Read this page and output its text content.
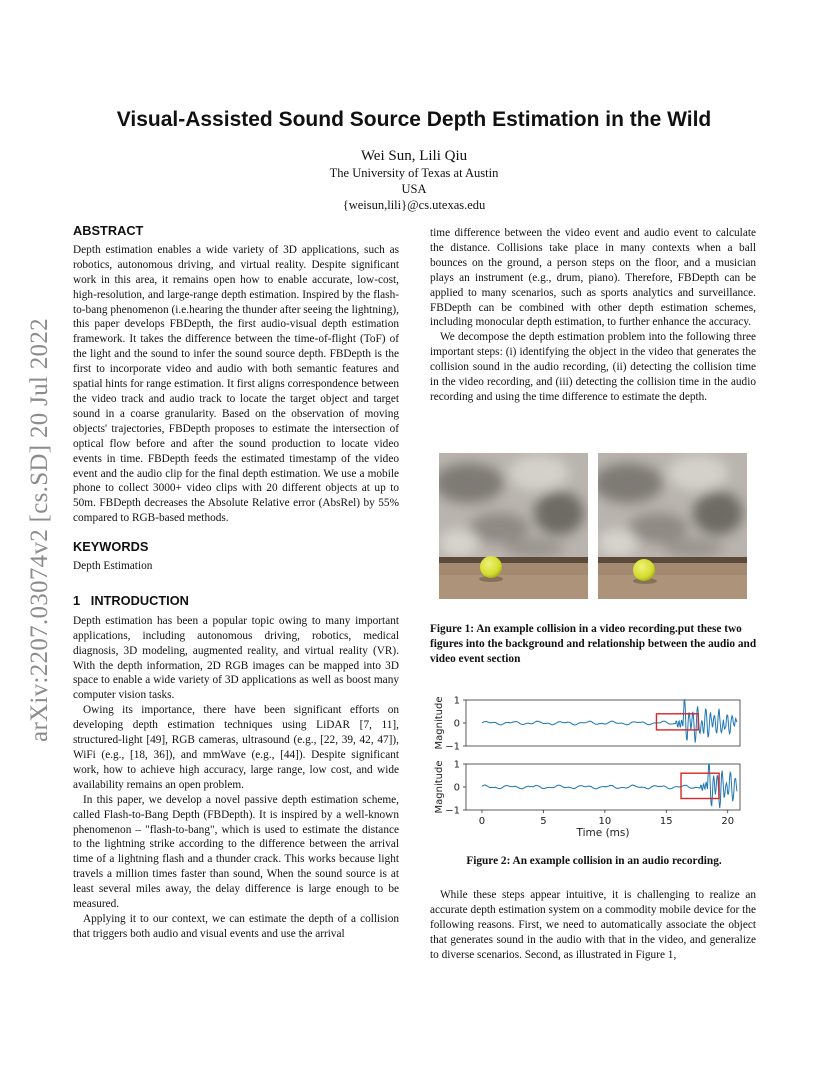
arXiv:2207.03074v2 [cs.SD] 20 Jul 2022
Visual-Assisted Sound Source Depth Estimation in the Wild
Wei Sun, Lili Qiu
The University of Texas at Austin
USA
{weisun,lili}@cs.utexas.edu
ABSTRACT

Depth estimation enables a wide variety of 3D applications, such as robotics, autonomous driving, and virtual reality. Despite significant work in this area, it remains open how to enable accurate, low-cost, high-resolution, and large-range depth estimation. Inspired by the flash-to-bang phenomenon (i.e.hearing the thunder after seeing the lightning), this paper develops FBDepth, the first audio-visual depth estimation framework. It takes the difference between the time-of-flight (ToF) of the light and the sound to infer the sound source depth. FBDepth is the first to incorporate video and audio with both semantic features and spatial hints for range estimation. It first aligns correspondence between the video track and audio track to locate the target object and target sound in a coarse granularity. Based on the observation of moving objects' trajectories, FBDepth proposes to estimate the intersection of optical flow before and after the sound production to locate video events in time. FBDepth feeds the estimated timestamp of the video event and the audio clip for the final depth estimation. We use a mobile phone to collect 3000+ video clips with 20 different objects at up to 50m. FBDepth decreases the Absolute Relative error (AbsRel) by 55% compared to RGB-based methods.

KEYWORDS

Depth Estimation

1   INTRODUCTION

Depth estimation has been a popular topic owing to many important applications, including autonomous driving, robotics, medical diagnosis, 3D modeling, augmented reality, and virtual reality (VR). With the depth information, 2D RGB images can be mapped into 3D space to enable a wide variety of 3D applications as well as boost many computer vision tasks.

Owing its importance, there have been significant efforts on developing depth estimation techniques using LiDAR [7, 11], structured-light [49], RGB cameras, ultrasound (e.g., [22, 39, 42, 47]), WiFi (e.g., [18, 36]), and mmWave (e.g., [44]). Despite significant work, how to achieve high accuracy, large range, low cost, and wide availability remains an open problem.

In this paper, we develop a novel passive depth estimation scheme, called Flash-to-Bang Depth (FBDepth). It is inspired by a well-known phenomenon – "flash-to-bang", which is used to estimate the distance to the lightning strike according to the difference between the arrival time of a lightning flash and a thunder crack. This works because light travels a million times faster than sound, When the sound source is at least several miles away, the delay difference is large enough to be measured.

Applying it to our context, we can estimate the depth of a collision that triggers both audio and visual events and use the arrival

time difference between the video event and audio event to calculate the distance. Collisions take place in many contexts when a ball bounces on the ground, a person steps on the floor, and a musician plays an instrument (e.g., drum, piano). Therefore, FBDepth can be applied to many scenarios, such as sports analytics and surveillance. FBDepth can be combined with other depth estimation schemes, including monocular depth estimation, to further enhance the accuracy.

We decompose the depth estimation problem into the following three important steps: (i) identifying the object in the video that generates the collision sound in the audio recording, (ii) detecting the collision time in the video recording, and (iii) detecting the collision time in the audio recording and using the time difference to estimate the depth.

Figure 1: An example collision in a video recording.put these two figures into the background and relationship between the audio and video event section
1
0
−1
Magnitude
1
0
−1
Magnitude
0	5	10	15	20
Time (ms)
Figure 2: An example collision in an audio recording.

While these steps appear intuitive, it is challenging to realize an accurate depth estimation system on a commodity mobile device for the following reasons. First, we need to automatically associate the object that generates sound in the audio with that in the video, and generalize to diverse scenarios. Second, as illustrated in Figure 1,
